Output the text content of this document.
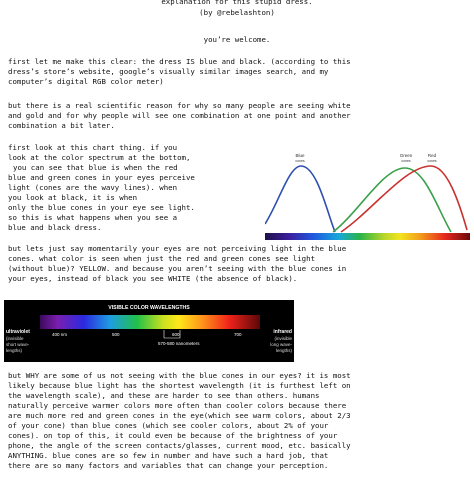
explanation for this stupid dress.

(by @rebelashton)

you’re welcome.

first let me make this clear: the dress IS blue and black. (according to this

dress’s store’s website, google’s visually similar images search, and my

computer’s digital RGB color meter)

but there is a real scientific reason for why so many people are seeing white

and gold and for why people will see one combination at one point and another

combination a bit later.

first look at this chart thing. if you

look at the color spectrum at the bottom,

you can see that blue is when the red

blue and green cones in your eyes perceive

light (cones are the wavy lines). when

you look at black, it is when

only the blue cones in your eye see light.

so this is what happens when you see a

blue and black dress.

Blue
cones
Green
cones
Red
cones

but lets just say momentarily your eyes are not perceiving light in the blue

cones. what color is seen when just the red and green cones see light

(without blue)? YELLOW. and because you aren’t seeing with the blue cones in

your eyes, instead of black you see WHITE (the absence of black).

VISIBLE COLOR WAVELENGTHS
ultraviolet
(invisible
short wave-
lengths)
infrared
(invisible
long wave-
lengths)
400 nm	500	600	700
570-580 nanometers

but WHY are some of us not seeing with the blue cones in our eyes? it is most

likely because blue light has the shortest wavelength (it is furthest left on

the wavelength scale), and these are harder to see than others. humans

naturally perceive warmer colors more often than cooler colors because there

are much more red and green cones in the eye(which see warm colors, about 2/3

of your cone) than blue cones (which see cooler colors, about 2% of your

cones). on top of this, it could even be because of the brightness of your

phone, the angle of the screen contacts/glasses, current mood, etc. basically

ANYTHING. blue cones are so few in number and have such a hard job, that

there are so many factors and variables that can change your perception.
